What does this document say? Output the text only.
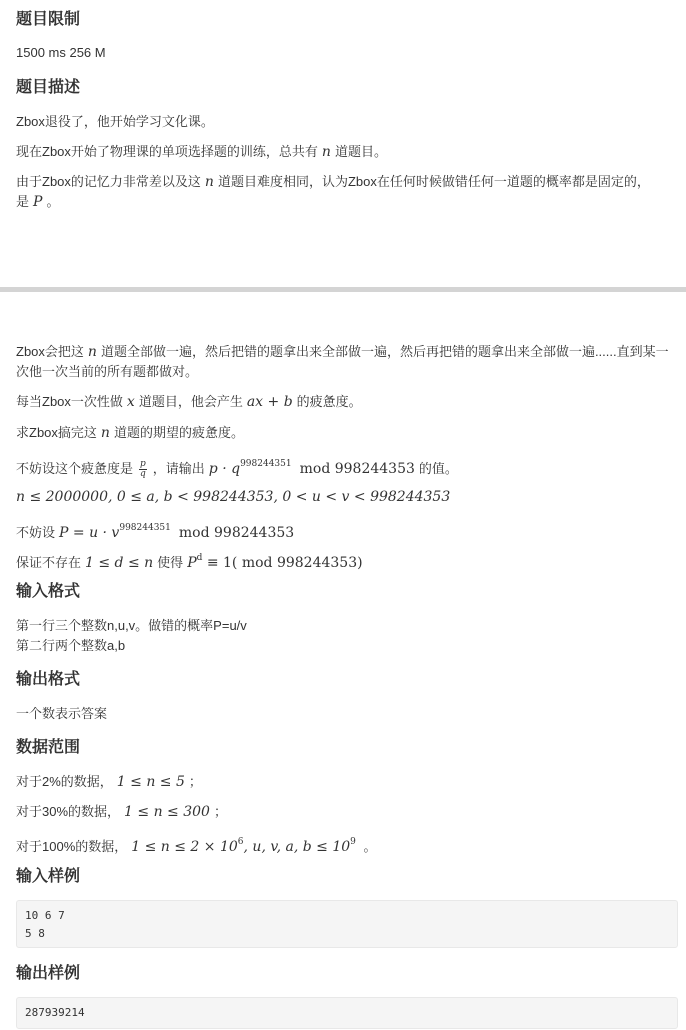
题目限制
1500 ms 256 M
题目描述
Zbox退役了，他开始学习文化课。
现在Zbox开始了物理课的单项选择题的训练，总共有 n 道题目。
由于Zbox的记忆力非常差以及这 n 道题目难度相同，认为Zbox在任何时候做错任何一道题的概率都是固定的，
是 P 。
Zbox会把这 n 道题全部做一遍，然后把错的题拿出来全部做一遍，然后再把错的题拿出来全部做一遍......直到某一
次他一次当前的所有题都做对。
每当Zbox一次性做 x 道题目，他会产生 ax + b 的疲惫度。
求Zbox搞完这 n 道题的期望的疲惫度。
不妨设这个疲惫度是 $\frac{p}{q}$ ，请输出 $p \cdot q^{998244351}$ mod 998244353 的值。
n ≤ 2000000, 0 ≤ a, b < 998244353, 0 < u < v < 998244353
不妨设 $P = u \cdot v^{998244351}$ mod 998244353
保证不存在 1 ≤ d ≤ n 使得 $P^d \equiv 1$( mod 998244353)
输入格式
第一行三个整数n,u,v。做错的概率P=u/v
第二行两个整数a,b
输出格式
一个数表示答案
数据范围
对于2%的数据， 1 ≤ n ≤ 5 ；
对于30%的数据， 1 ≤ n ≤ 300 ；
对于100%的数据， $1 \le n \le 2 \times 10^6$, u, v, a, $b \le 10^9$ 。
输入样例
10 6 7
5 8
输出样例
287939214
